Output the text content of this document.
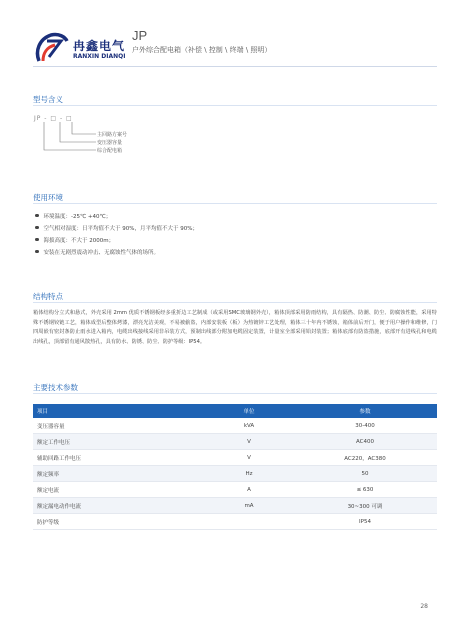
冉鑫电气
RANXIN DIANQI
JP
户外综合配电箱（补偿 \ 控制 \ 终端 \ 照明）
型号含义
JP - □ - □
主回路方案号
变压器容量
综合配电箱
使用环境
环境温度：-25℃ +40℃；
空气相对湿度：日平均值不大于 90%，月平均值不大于 90%；
海拔高度：不大于 2000m；
安装在无剧烈震动冲击、无腐蚀性气体的场所。
结构特点
箱体结构分立式和悬式，外壳采用 2mm 优质不锈钢板经多重折边工艺制成（或采用SMC玻璃钢外壳），箱体顶部采用防雨结构，具有隔热、防潮、防尘、防腐蚀性能，采用特殊不锈钢铰链工艺，箱体成型后整体烤漆，漂亮光洁美观，不易被偷盗，内部安装板（板）为热镀锌工艺处理，箱体三十年内不锈蚀，箱体前后开门，便于用户操作和维修，门四周嵌有密封条防止雨水进入箱内，电缆出线接线采用非吊装方式，预制出线部分附加电缆固定装置，计量室全部采用铅封装置；箱体底部有防盗措施，底部开有进线孔和电缆出线孔，顶部留有通风散热孔，具有防水、防锈、防尘、防护等级：IP54。
主要技术参数
项目	单位	参数
变压器容量	kVA	30-400
额定工作电压	V	AC400
辅助回路工作电压	V	AC220，AC380
额定频率	Hz	50
额定电流	A	≤ 630
额定漏电动作电流	mA	30~300 可调
防护等级		IP54
28
